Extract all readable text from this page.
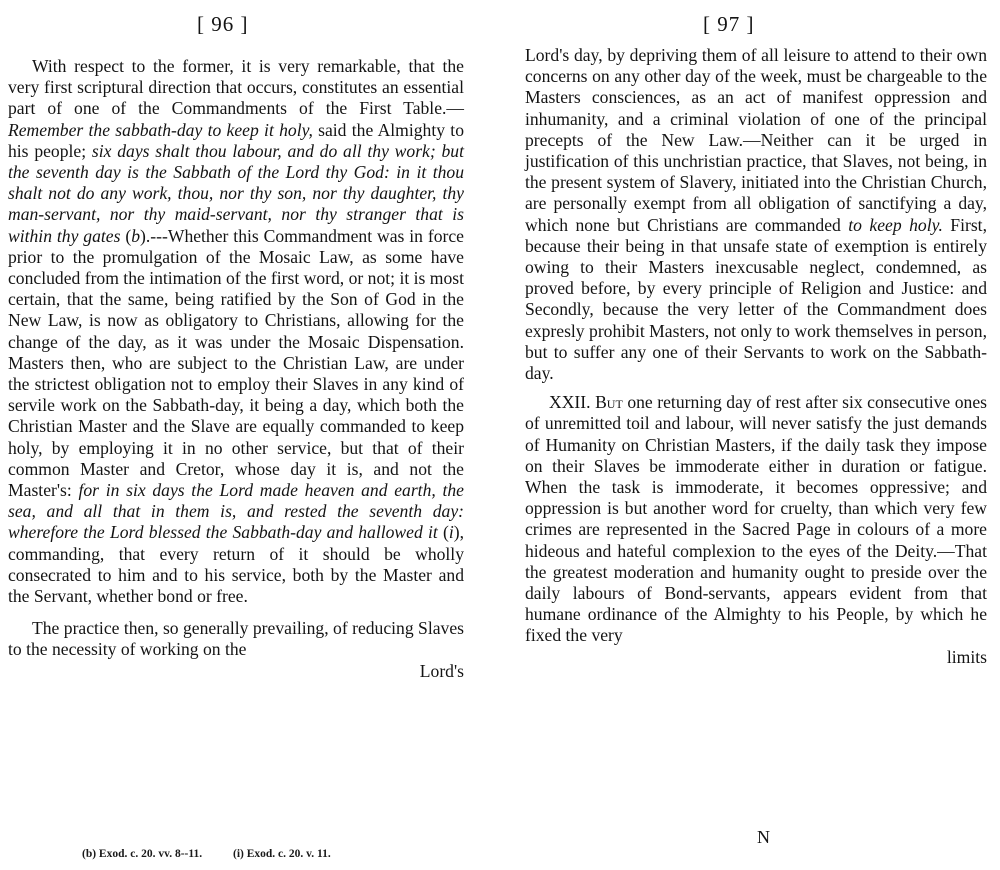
[ 96 ]

With respect to the former, it is very remarkable, that the very first scriptural direction that occurs, constitutes an essential part of one of the Commandments of the First Table.—Remember the sabbath-day to keep it holy, said the Almighty to his people; six days shalt thou labour, and do all thy work; but the seventh day is the Sabbath of the Lord thy God: in it thou shalt not do any work, thou, nor thy son, nor thy daughter, thy man-servant, nor thy maid-servant, nor thy stranger that is within thy gates (b).---Whether this Commandment was in force prior to the promulgation of the Mosaic Law, as some have concluded from the intimation of the first word, or not; it is most certain, that the same, being ratified by the Son of God in the New Law, is now as obligatory to Christians, allowing for the change of the day, as it was under the Mosaic Dispensation. Masters then, who are subject to the Christian Law, are under the strictest obligation not to employ their Slaves in any kind of servile work on the Sabbath-day, it being a day, which both the Christian Master and the Slave are equally commanded to keep holy, by employing it in no other service, but that of their common Master and Cretor, whose day it is, and not the Master's: for in six days the Lord made heaven and earth, the sea, and all that in them is, and rested the seventh day: wherefore the Lord blessed the Sabbath-day and hallowed it (i), commanding, that every return of it should be wholly consecrated to him and to his service, both by the Master and the Servant, whether bond or free.

The practice then, so generally prevailing, of reducing Slaves to the necessity of working on the

Lord's

(b) Exod. c. 20. vv. 8--11.	(i) Exod. c. 20. v. 11.
[ 97 ]

Lord's day, by depriving them of all leisure to attend to their own concerns on any other day of the week, must be chargeable to the Masters consciences, as an act of manifest oppression and inhumanity, and a criminal violation of one of the principal precepts of the New Law.—Neither can it be urged in justification of this unchristian practice, that Slaves, not being, in the present system of Slavery, initiated into the Christian Church, are personally exempt from all obligation of sanctifying a day, which none but Christians are commanded to keep holy. First, because their being in that unsafe state of exemption is entirely owing to their Masters inexcusable neglect, condemned, as proved before, by every principle of Religion and Justice: and Secondly, because the very letter of the Commandment does expresly prohibit Masters, not only to work themselves in person, but to suffer any one of their Servants to work on the Sabbath-day.

XXII. But one returning day of rest after six consecutive ones of unremitted toil and labour, will never satisfy the just demands of Humanity on Christian Masters, if the daily task they impose on their Slaves be immoderate either in duration or fatigue. When the task is immoderate, it becomes oppressive; and oppression is but another word for cruelty, than which very few crimes are represented in the Sacred Page in colours of a more hideous and hateful complexion to the eyes of the Deity.—That the greatest moderation and humanity ought to preside over the daily labours of Bond-servants, appears evident from that humane ordinance of the Almighty to his People, by which he fixed the very

limits

N
